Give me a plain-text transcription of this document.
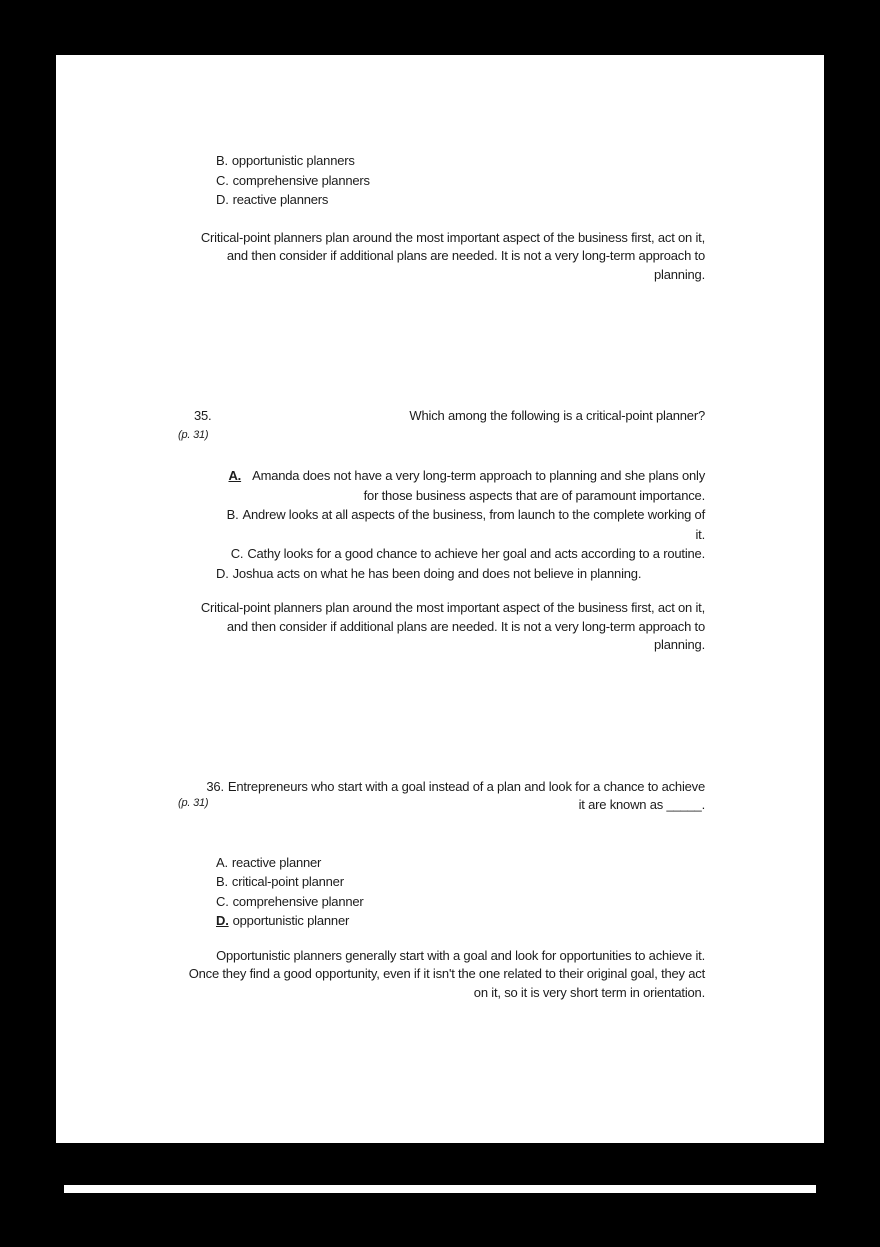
B. opportunistic planners
C. comprehensive planners
D. reactive planners

Critical-point planners plan around the most important aspect of the business first, act on it, and then consider if additional plans are needed. It is not a very long-term approach to planning.

35.
(p. 31)
Which among the following is a critical-point planner?
A. Amanda does not have a very long-term approach to planning and she plans only for those business aspects that are of paramount importance.
B. Andrew looks at all aspects of the business, from launch to the complete working of it.
C. Cathy looks for a good chance to achieve her goal and acts according to a routine.
D. Joshua acts on what he has been doing and does not believe in planning.

Critical-point planners plan around the most important aspect of the business first, act on it, and then consider if additional plans are needed. It is not a very long-term approach to planning.

36. Entrepreneurs who start with a goal instead of a plan and look for a chance to achieve it are known as _____.
(p. 31)
A. reactive planner
B. critical-point planner
C. comprehensive planner
D. opportunistic planner

Opportunistic planners generally start with a goal and look for opportunities to achieve it. Once they find a good opportunity, even if it isn't the one related to their original goal, they act on it, so it is very short term in orientation.
